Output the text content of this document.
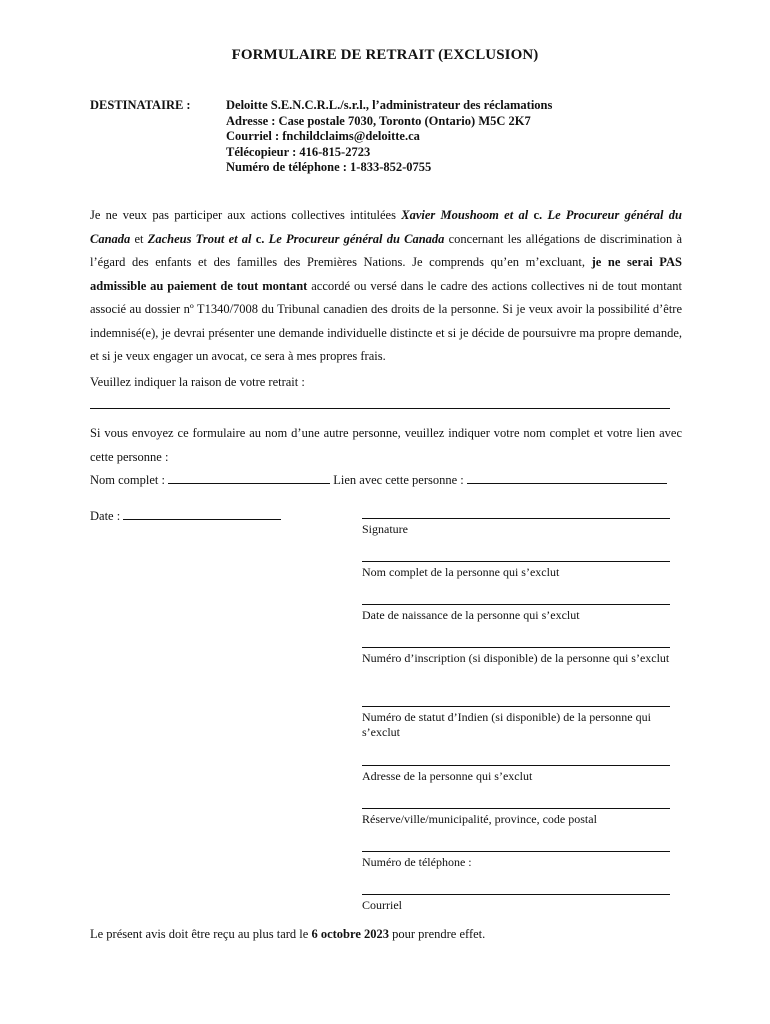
FORMULAIRE DE RETRAIT (EXCLUSION)
DESTINATAIRE :	Deloitte S.E.N.C.R.L./s.r.l., l’administrateur des réclamations
Adresse : Case postale 7030, Toronto (Ontario) M5C 2K7
Courriel : fnchildclaims@deloitte.ca
Télécopieur : 416-815-2723
Numéro de téléphone : 1-833-852-0755
Je ne veux pas participer aux actions collectives intitulées Xavier Moushoom et al c. Le Procureur général du Canada et Zacheus Trout et al c. Le Procureur général du Canada concernant les allégations de discrimination à l’égard des enfants et des familles des Premières Nations. Je comprends qu’en m’excluant, je ne serai PAS admissible au paiement de tout montant accordé ou versé dans le cadre des actions collectives ni de tout montant associé au dossier nº T1340/7008 du Tribunal canadien des droits de la personne. Si je veux avoir la possibilité d’être indemnisé(e), je devrai présenter une demande individuelle distincte et si je décide de poursuivre ma propre demande, et si je veux engager un avocat, ce sera à mes propres frais.
Veuillez indiquer la raison de votre retrait :
Si vous envoyez ce formulaire au nom d’une autre personne, veuillez indiquer votre nom complet et votre lien avec cette personne :
Nom complet :	Lien avec cette personne :
Date :
Signature
Nom complet de la personne qui s’exclut
Date de naissance de la personne qui s’exclut
Numéro d’inscription (si disponible) de la personne qui s’exclut
Numéro de statut d’Indien (si disponible) de la personne qui s’exclut
Adresse de la personne qui s’exclut
Réserve/ville/municipalité, province, code postal
Numéro de téléphone :
Courriel
Le présent avis doit être reçu au plus tard le 6 octobre 2023 pour prendre effet.
